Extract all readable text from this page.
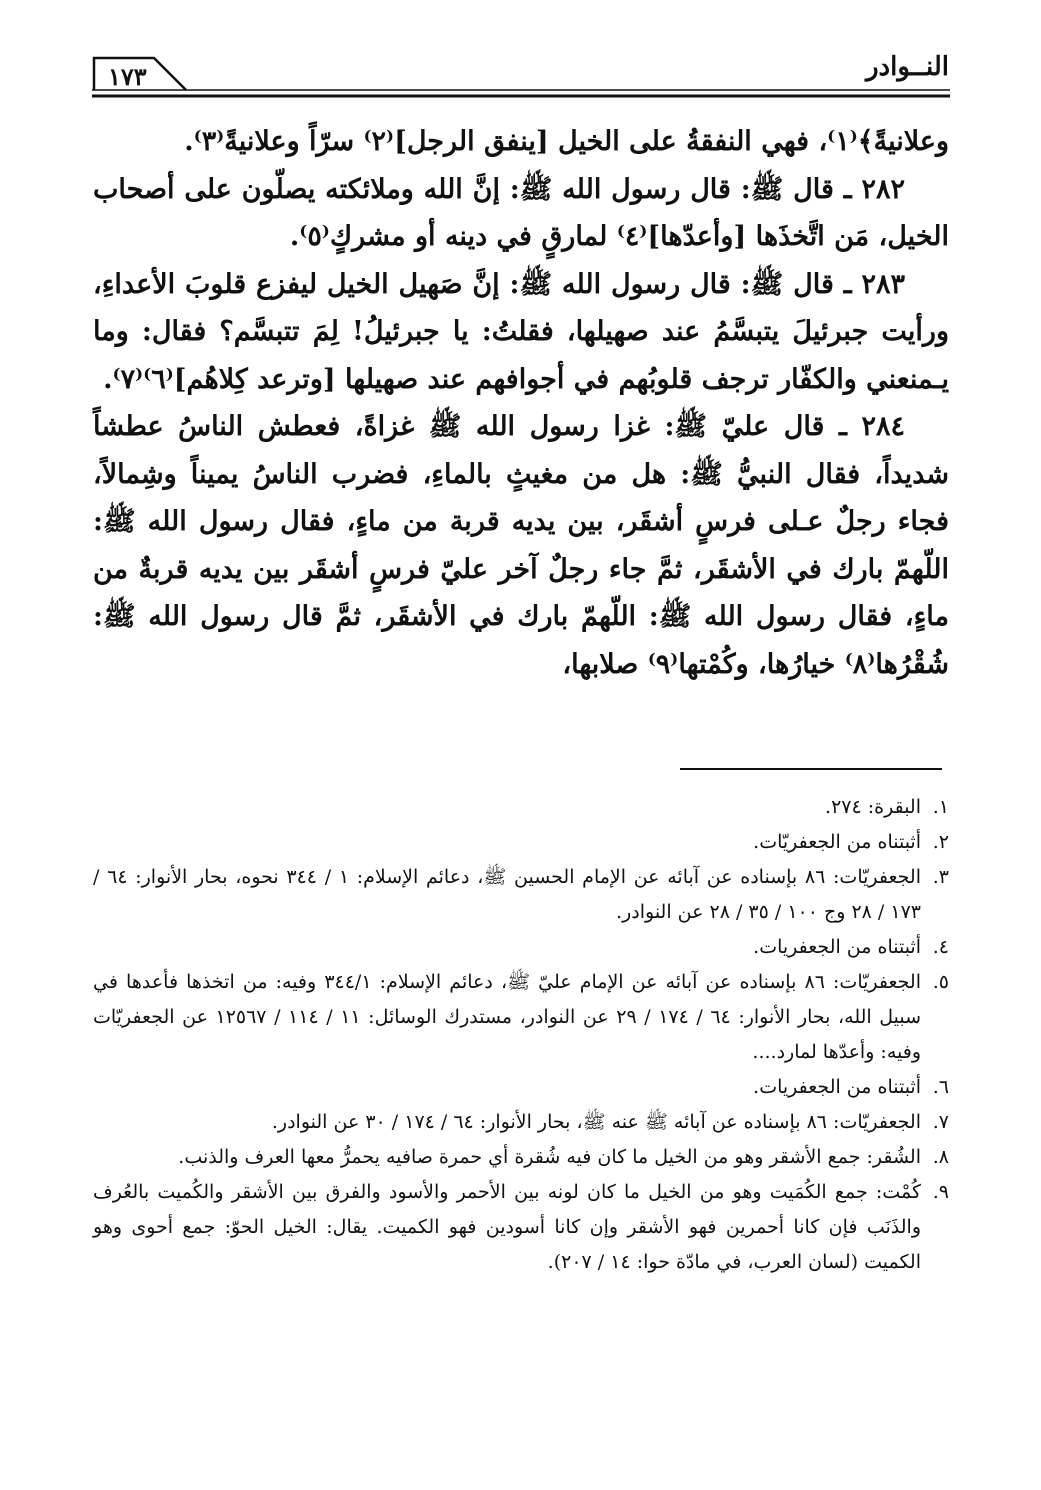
النــوادر
١٧٣

وعلانيةً﴾⁽١⁾، فهي النفقةُ على الخيل [ينفق الرجل]⁽٢⁾ سرّاً وعلانيةً⁽٣⁾.

٢٨٢ ـ قال ﷺ: قال رسول الله ﷺ: إنَّ الله وملائكته يصلّون على أصحاب الخيل، مَن اتَّخذَها [وأعدّها]⁽٤⁾ لمارقٍ في دينه أو مشركٍ⁽٥⁾.

٢٨٣ ـ قال ﷺ: قال رسول الله ﷺ: إنَّ صَهيل الخيل ليفزع قلوبَ الأعداءِ، ورأيت جبرئيلَ يتبسَّمُ عند صهيلها، فقلتُ: يا جبرئيلُ! لِمَ تتبسَّم؟ فقال: وما يـمنعني والكفّار ترجف قلوبُهم في أجوافهم عند صهيلها [وترعد كِلاهُم]⁽٦⁾⁽٧⁾.

٢٨٤ ـ قال عليّ ﷺ: غزا رسول الله ﷺ غزاةً، فعطش الناسُ عطشاً شديداً، فقال النبيُّ ﷺ: هل من مغيثٍ بالماءِ، فضرب الناسُ يميناً وشِمالاً، فجاء رجلٌ عـلى فرسٍ أشقَر، بين يديه قربة من ماءٍ، فقال رسول الله ﷺ: اللّهمّ بارك في الأشقَر، ثمَّ جاء رجلٌ آخر عليّ فرسٍ أشقَر بين يديه قربةٌ من ماءٍ، فقال رسول الله ﷺ: اللّهمّ بارك في الأشقَر، ثمَّ قال رسول الله ﷺ: شُقْرُها⁽٨⁾ خيارُها، وكُمْتها⁽٩⁾ صلابها،

١.
البقرة: ٢٧٤.
٢.
أثبتناه من الجعفريّات.
٣.
الجعفريّات: ٨٦ بإسناده عن آبائه عن الإمام الحسين ﷺ، دعائم الإسلام: ١ / ٣٤٤ نحوه، بحار الأنوار: ٦٤ / ١٧٣ / ٢٨ وج ١٠٠ / ٣٥ / ٢٨ عن النوادر.
٤.
أثبتناه من الجعفريات.
٥.
الجعفريّات: ٨٦ بإسناده عن آبائه عن الإمام عليّ ﷺ، دعائم الإسلام: ٣٤٤/١ وفيه: من اتخذها فأعدها في سبيل الله، بحار الأنوار: ٦٤ / ١٧٤ / ٢٩ عن النوادر، مستدرك الوسائل: ١١ / ١١٤ / ١٢٥٦٧ عن الجعفريّات وفيه: وأعدّها لمارد....
٦.
أثبتناه من الجعفريات.
٧.
الجعفريّات: ٨٦ بإسناده عن آبائه ﷺ عنه ﷺ، بحار الأنوار: ٦٤ / ١٧٤ / ٣٠ عن النوادر.
٨.
الشُقر: جمع الأشقر وهو من الخيل ما كان فيه شُقرة أي حمرة صافيه يحمرُّ معها العرف والذنب.
٩.
كُمْت: جمع الكُمَيت وهو من الخيل ما كان لونه بين الأحمر والأسود والفرق بين الأشقر والكُميت بالعُرف والذَنَب فإن كانا أحمرين فهو الأشقر وإن كانا أسودين فهو الكميت. يقال: الخيل الحوّ: جمع أحوى وهو الكميت (لسان العرب، في مادّة حوا: ١٤ / ٢٠٧).
